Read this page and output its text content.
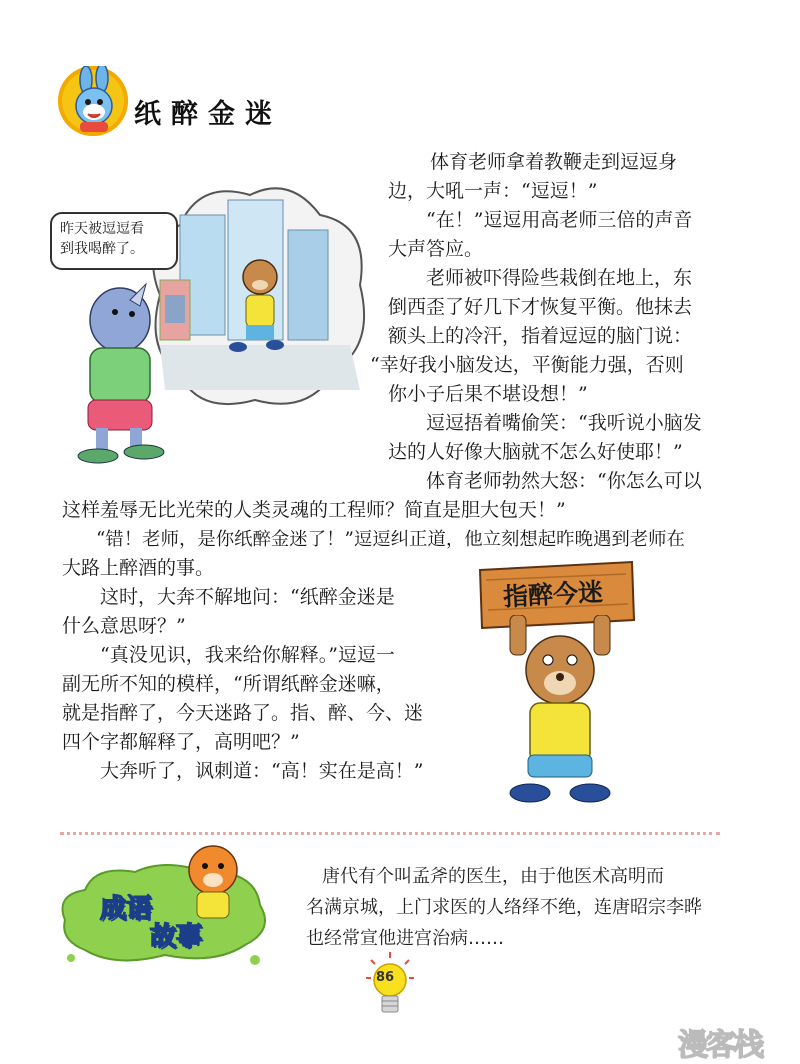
纸醉金迷
昨天被逗逗看
到我喝醉了。
体育老师拿着教鞭走到逗逗身
边，大吼一声：“逗逗！”
“在！”逗逗用高老师三倍的声音
大声答应。
老师被吓得险些栽倒在地上，东
倒西歪了好几下才恢复平衡。他抹去
额头上的冷汗，指着逗逗的脑门说：
“幸好我小脑发达，平衡能力强，否则
你小子后果不堪设想！”
逗逗捂着嘴偷笑：“我听说小脑发
达的人好像大脑就不怎么好使耶！”
体育老师勃然大怒：“你怎么可以
这样羞辱无比光荣的人类灵魂的工程师？简直是胆大包天！”
“错！老师，是你纸醉金迷了！”逗逗纠正道，他立刻想起昨晚遇到老师在
大路上醉酒的事。
这时，大奔不解地问：“纸醉金迷是
什么意思呀？”
“真没见识，我来给你解释。”逗逗一
副无所不知的模样，“所谓纸醉金迷嘛，
就是指醉了，今天迷路了。指、醉、今、迷
四个字都解释了，高明吧？”
大奔听了，讽刺道：“高！实在是高！”
指醉今迷
成语
故事
唐代有个叫孟斧的医生，由于他医术高明而
名满京城，上门求医的人络绎不绝，连唐昭宗李晔
也经常宣他进宫治病……
86
漫客栈
